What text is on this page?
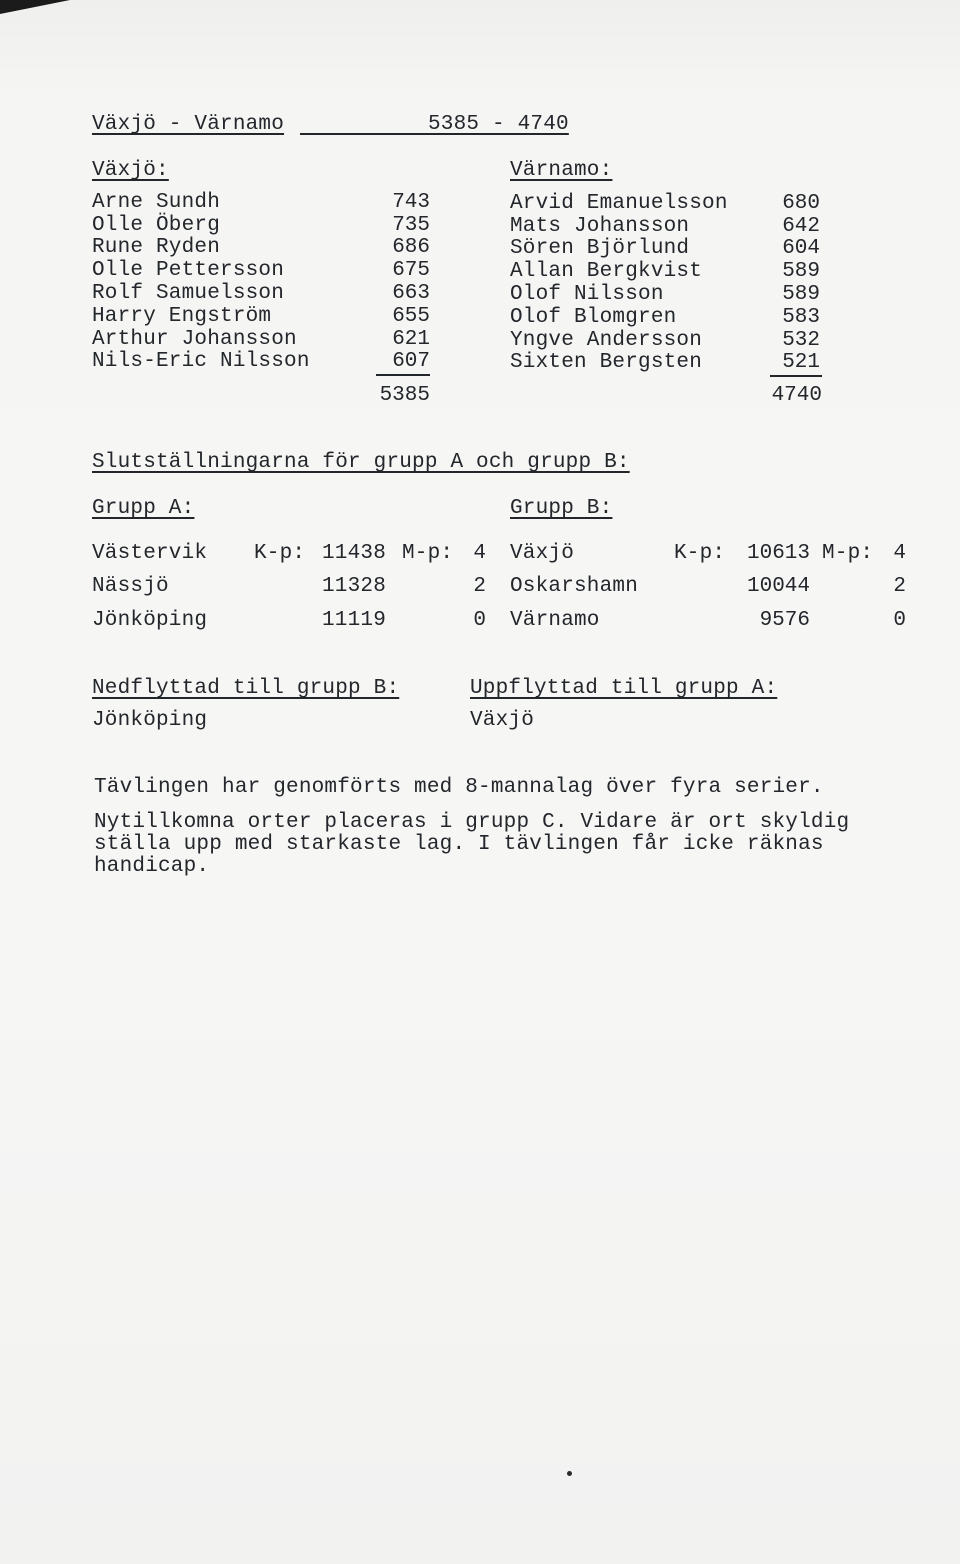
Växjö - Värnamo	5385 - 4740
Växjö:
Arne Sundh	743
Olle Öberg	735
Rune Ryden	686
Olle Pettersson	675
Rolf Samuelsson	663
Harry Engström	655
Arthur Johansson	621
Nils-Eric Nilsson	607
5385
Värnamo:
Arvid Emanuelsson	680
Mats Johansson	642
Sören Björlund	604
Allan Bergkvist	589
Olof Nilsson	589
Olof Blomgren	583
Yngve Andersson	532
Sixten Bergsten	521
4740
Slutställningarna för grupp A och grupp B:
Grupp A:	Grupp B:
Västervik K-p: 11438 M-p: 4
Nässjö	11328	2
Jönköping	11119	0
Växjö	K-p:	10613 M-p: 4
Oskarshamn	10044	2
Värnamo	9576	0
Nedflyttad till grupp B:
Jönköping
Uppflyttad till grupp A:
Växjö
Tävlingen har genomförts med 8-mannalag över fyra serier.
Nytillkomna orter placeras i grupp C. Vidare är ort skyldig
ställa upp med starkaste lag. I tävlingen får icke räknas
handicap.
